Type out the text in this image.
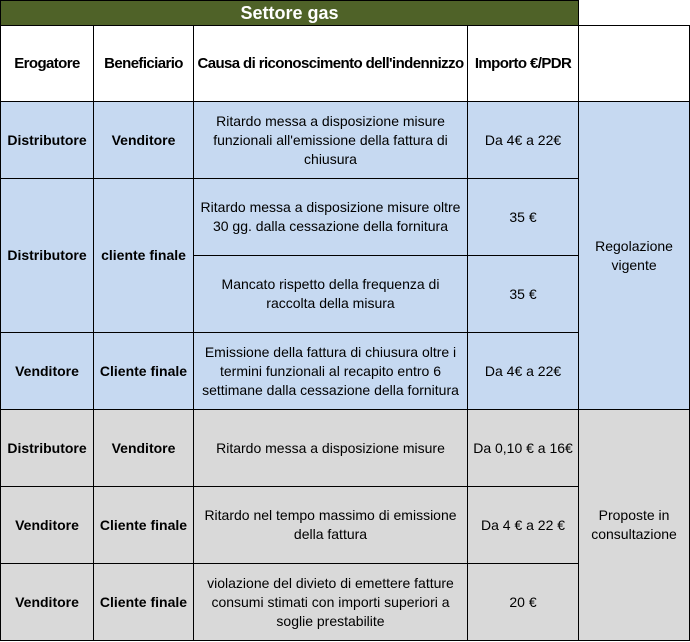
Settore gas				
Erogatore	Beneficiario	Causa di riconoscimento dell'indennizzo	Importo €/PDR	
Distributore	Venditore	Ritardo messa a disposizione misure funzionali all'emissione della fattura di chiusura	Da 4€ a 22€	Regolazione vigente
Distributore	cliente finale	Ritardo messa a disposizione misure oltre 30 gg. dalla cessazione della fornitura	35 €	
		Mancato rispetto della frequenza di raccolta della misura	35 €	
Venditore	Cliente finale	Emissione della fattura di chiusura oltre i termini funzionali al recapito entro 6 settimane dalla cessazione della fornitura	Da 4€ a 22€	
Distributore	Venditore	Ritardo messa a disposizione misure	Da 0,10 € a 16€	Proposte in consultazione
Venditore	Cliente finale	Ritardo nel tempo massimo di emissione della fattura	Da 4 € a 22 €	
Venditore	Cliente finale	violazione del divieto di emettere fatture consumi stimati con importi superiori a soglie prestabilite	20 €	
